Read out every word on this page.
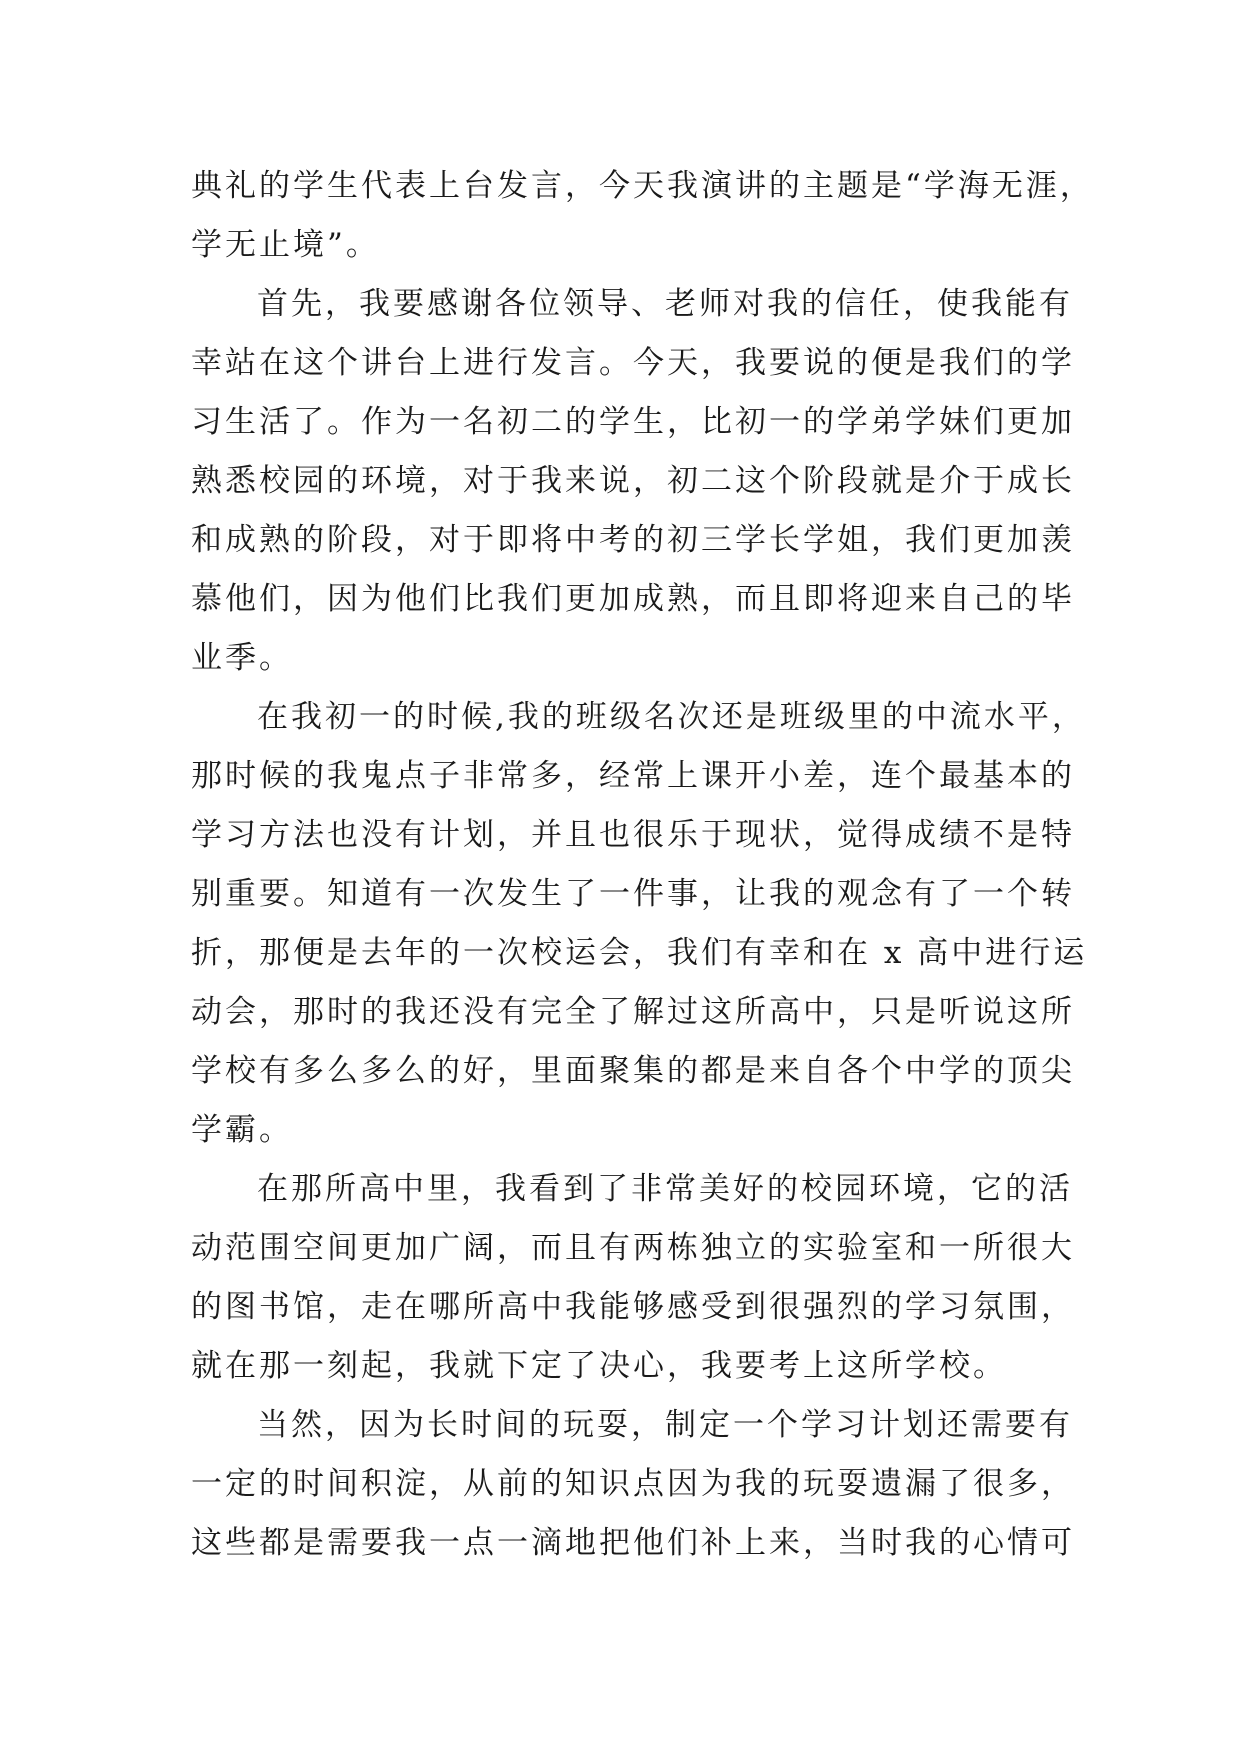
典礼的学生代表上台发言，今天我演讲的主题是“学海无涯，
学无止境”。
首先，我要感谢各位领导、老师对我的信任，使我能有
幸站在这个讲台上进行发言。今天，我要说的便是我们的学
习生活了。作为一名初二的学生，比初一的学弟学妹们更加
熟悉校园的环境，对于我来说，初二这个阶段就是介于成长
和成熟的阶段，对于即将中考的初三学长学姐，我们更加羡
慕他们，因为他们比我们更加成熟，而且即将迎来自己的毕
业季。
在我初一的时候,我的班级名次还是班级里的中流水平，
那时候的我鬼点子非常多，经常上课开小差，连个最基本的
学习方法也没有计划，并且也很乐于现状，觉得成绩不是特
别重要。知道有一次发生了一件事，让我的观念有了一个转
折，那便是去年的一次校运会，我们有幸和在 x 高中进行运
动会，那时的我还没有完全了解过这所高中，只是听说这所
学校有多么多么的好，里面聚集的都是来自各个中学的顶尖
学霸。
在那所高中里，我看到了非常美好的校园环境，它的活
动范围空间更加广阔，而且有两栋独立的实验室和一所很大
的图书馆，走在哪所高中我能够感受到很强烈的学习氛围，
就在那一刻起，我就下定了决心，我要考上这所学校。
当然，因为长时间的玩耍，制定一个学习计划还需要有
一定的时间积淀，从前的知识点因为我的玩耍遗漏了很多，
这些都是需要我一点一滴地把他们补上来，当时我的心情可
